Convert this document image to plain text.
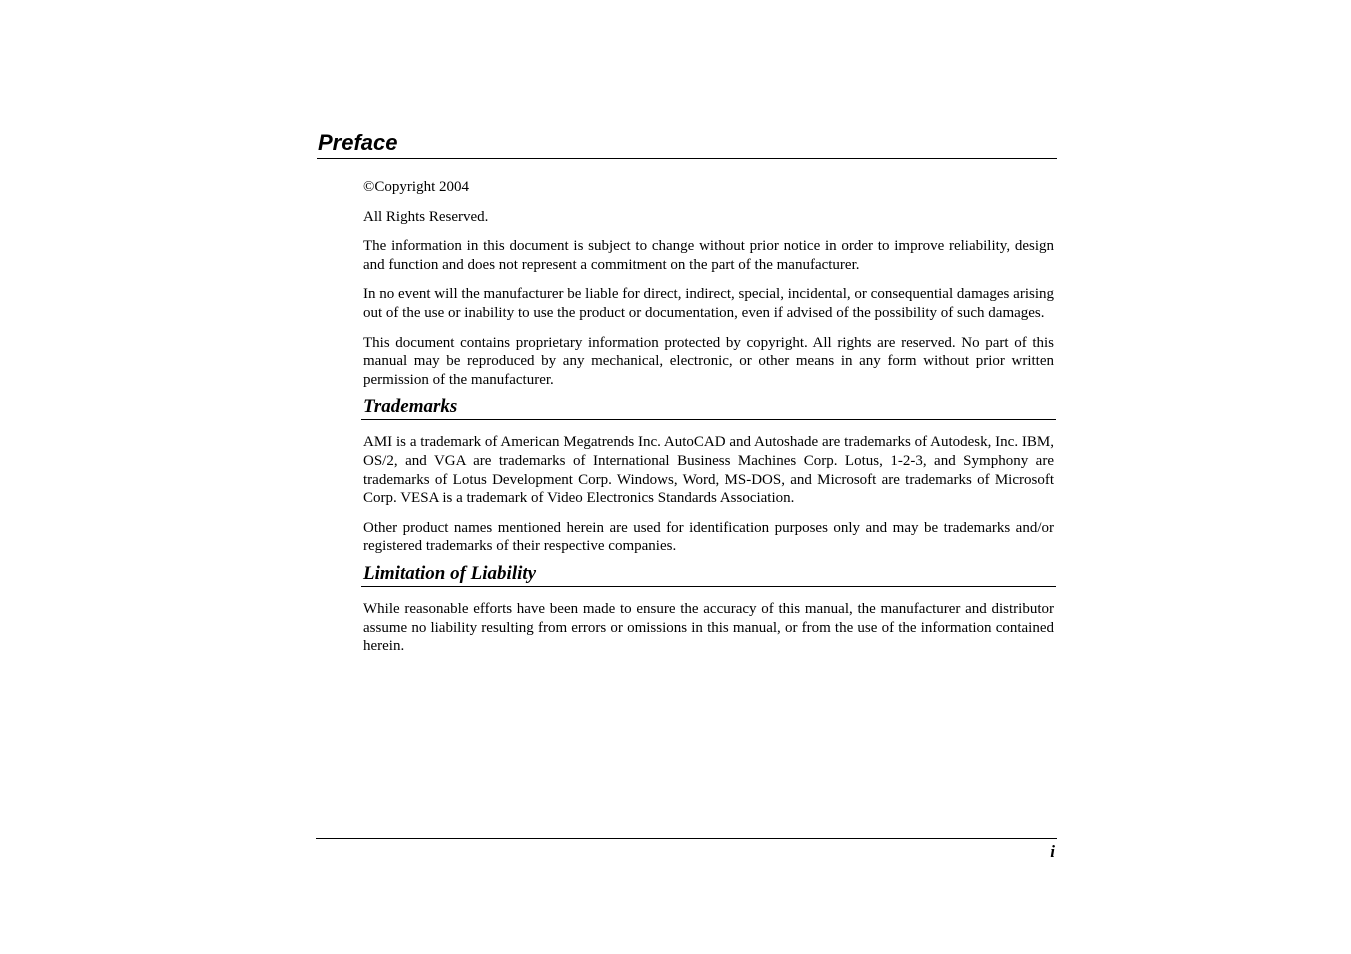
Preface

©Copyright 2004

All Rights Reserved.

The information in this document is subject to change without prior notice in order to improve reliability, design and function and does not represent a commitment on the part of the manufacturer.

In no event will the manufacturer be liable for direct, indirect, special, incidental, or consequential damages arising out of the use or inability to use the product or documentation, even if advised of the possibility of such damages.

This document contains proprietary information protected by copyright. All rights are reserved. No part of this manual may be reproduced by any mechanical, electronic, or other means in any form without prior written permission of the manufacturer.

Trademarks

AMI is a trademark of American Megatrends Inc. AutoCAD and Autoshade are trademarks of Autodesk, Inc. IBM, OS/2, and VGA are trademarks of International Business Machines Corp. Lotus, 1-2-3, and Symphony are trademarks of Lotus Development Corp. Windows, Word, MS-DOS, and Microsoft are trademarks of Microsoft Corp. VESA is a trademark of Video Electronics Standards Association.

Other product names mentioned herein are used for identification purposes only and may be trademarks and/or registered trademarks of their respective companies.

Limitation of Liability

While reasonable efforts have been made to ensure the accuracy of this manual, the manufacturer and distributor assume no liability resulting from errors or omissions in this manual, or from the use of the information contained herein.

i
